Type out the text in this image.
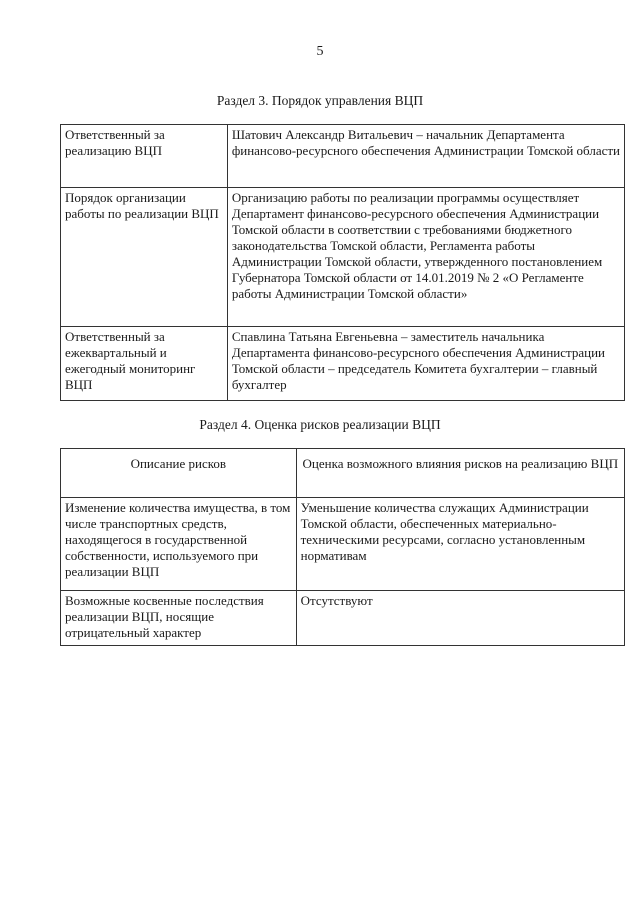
5
Раздел 3. Порядок управления ВЦП
Ответственный за реализацию ВЦП	Шатович Александр Витальевич – начальник Департамента финансово-ресурсного обеспечения Администрации Томской области
Порядок организации работы по реализации ВЦП	Организацию работы по реализации программы осуществляет Департамент финансово-ресурсного обеспечения Администрации Томской области в соответствии с требованиями бюджетного законодательства Томской области, Регламента работы Администрации Томской области, утвержденного постановлением Губернатора Томской области от 14.01.2019 № 2 «О Регламенте работы Администрации Томской области»
Ответственный за ежеквартальный и ежегодный мониторинг ВЦП	Спавлина Татьяна Евгеньевна – заместитель начальника Департамента финансово-ресурсного обеспечения Администрации Томской области – председатель Комитета бухгалтерии – главный бухгалтер
Раздел 4. Оценка рисков реализации ВЦП
Описание рисков	Оценка возможного влияния рисков на реализацию ВЦП
Изменение количества имущества, в том числе транспортных средств, находящегося в государственной собственности, используемого при реализации ВЦП	Уменьшение количества служащих Администрации Томской области, обеспеченных материально-техническими ресурсами, согласно установленным нормативам
Возможные косвенные последствия реализации ВЦП, носящие отрицательный характер	Отсутствуют
